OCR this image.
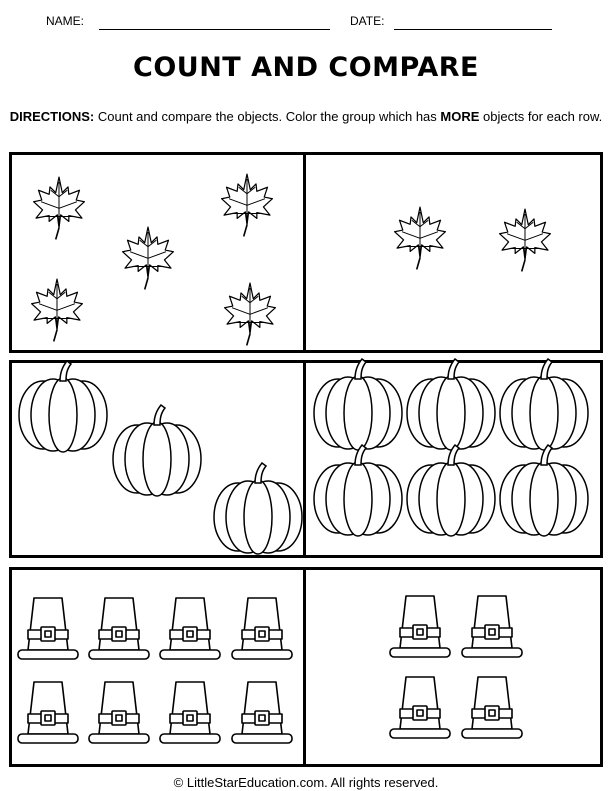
NAME:	DATE:
COUNT AND COMPARE
DIRECTIONS: Count and compare the objects. Color the group which has MORE objects for each row.
© LittleStarEducation.com. All rights reserved.
